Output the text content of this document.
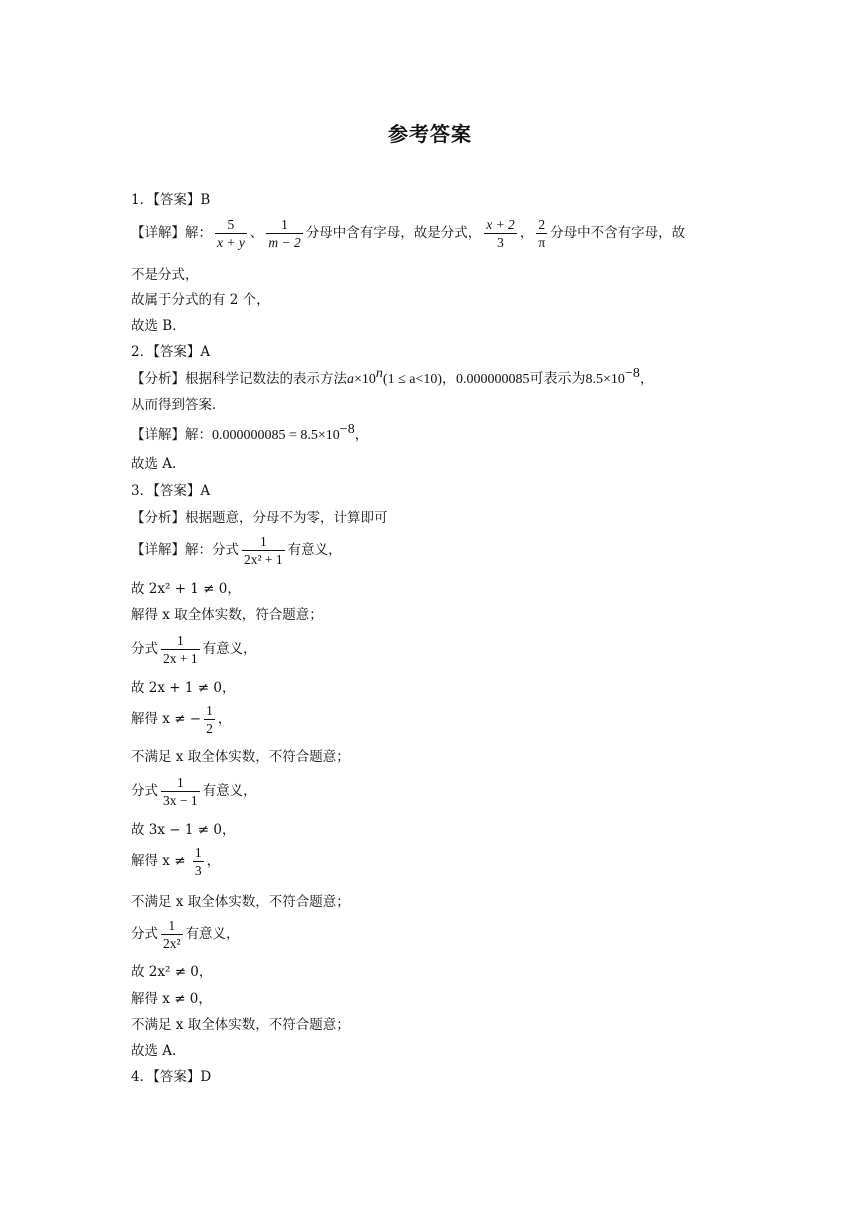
参考答案
1．【答案】B
【详解】解： $\frac{5}{x + y}$ 、 $\frac{1}{m - 2}$ 分母中含有字母，故是分式， $\frac{x + 2}{3}$ ， $\frac{2}{\pi}$ 分母中不含有字母，故
不是分式，
故属于分式的有 2 个，
故选 B．
2．【答案】A
【分析】根据科学记数法的表示方法$a\times 10^n(1 \le a<10)$，0.000000085可表示为$8.5\times 10^{-8}$，
从而得到答案．
【详解】解：$0.000000085 = 8.5\times 10^{-8}$，
故选 A.
3．【答案】A
【分析】根据题意，分母不为零，计算即可
【详解】解：分式 $\frac{1}{\text{2x² + 1}}$ 有意义，
故 2x² + 1 ≠ 0，
解得 x 取全体实数，符合题意；
分式 $\frac{1}{2x + 1}$ 有意义，
故 2x + 1 ≠ 0，
解得 x ≠ − $\frac{1}{2}$ ，
不满足 x 取全体实数，不符合题意；
分式 $\frac{1}{3x - 1}$ 有意义，
故 3x − 1 ≠ 0，
解得 $x \ne \frac{1}{3}$ ，
不满足 x 取全体实数，不符合题意；
分式 $\frac{1}{\text{2x²}}$ 有意义，
故 2x² ≠ 0，
解得 x ≠ 0，
不满足 x 取全体实数，不符合题意；
故选 A.
4．【答案】D
